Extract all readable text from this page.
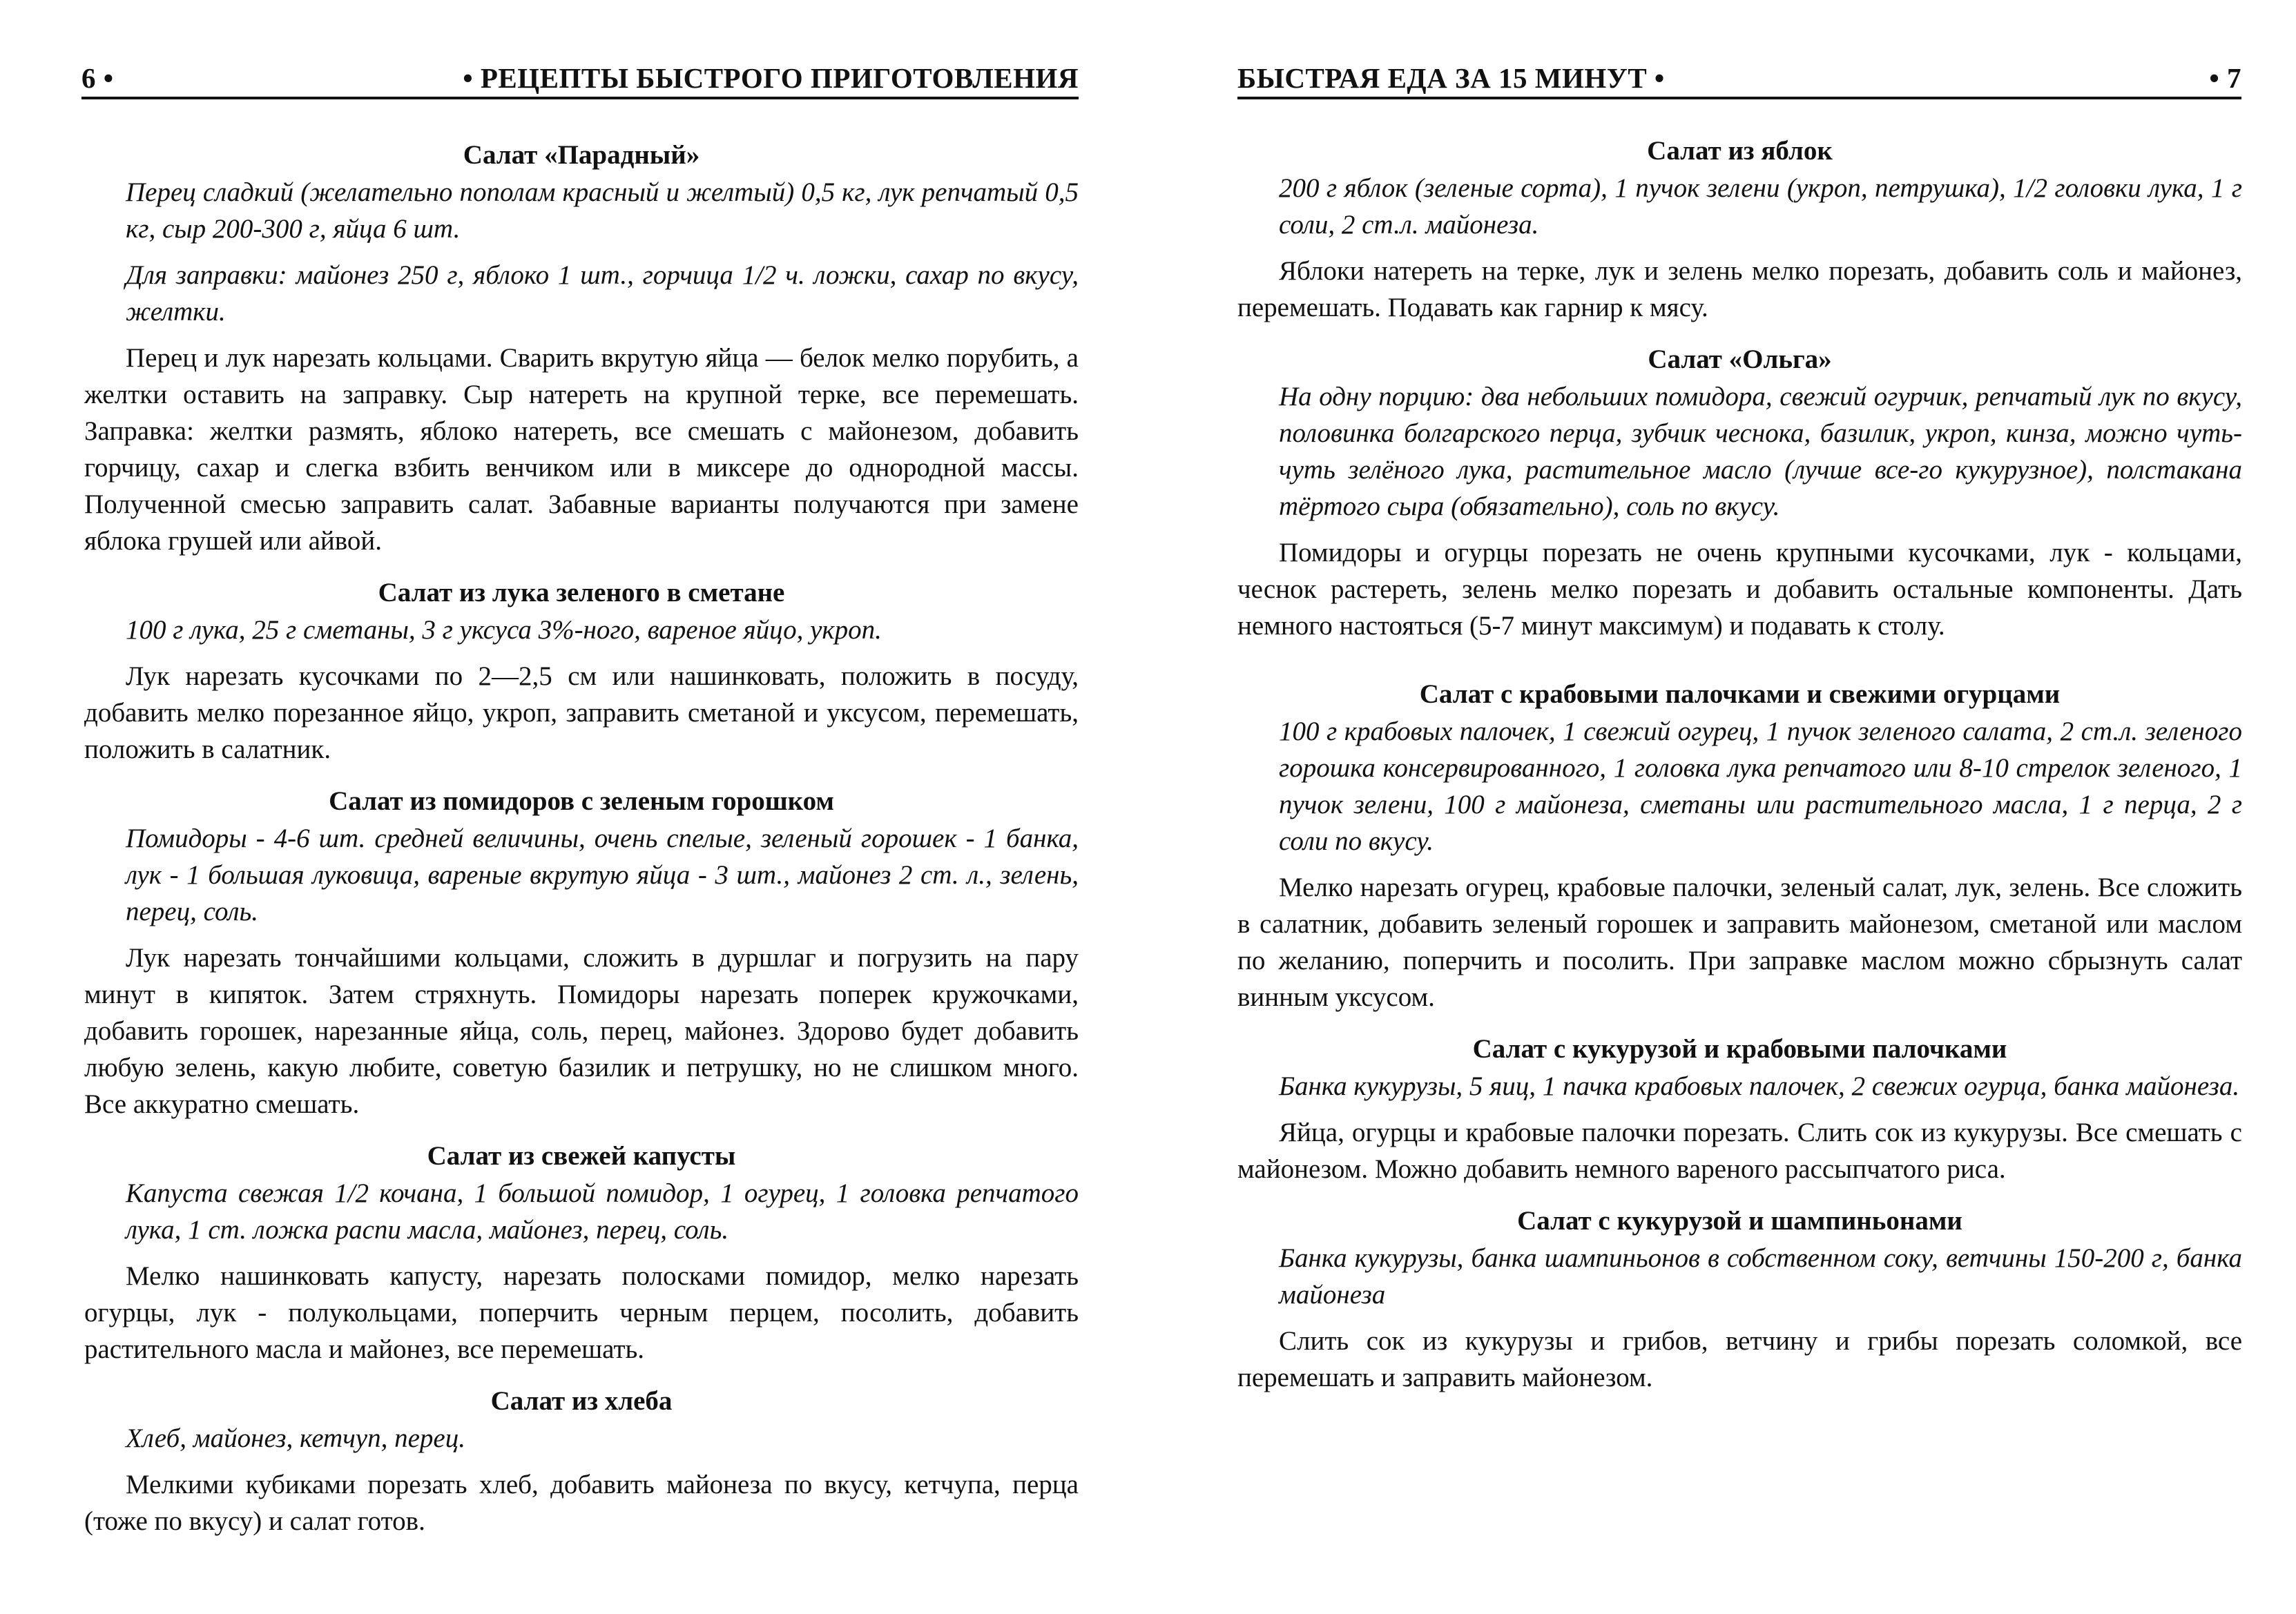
6 •	• РЕЦЕПТЫ БЫСТРОГО ПРИГОТОВЛЕНИЯ
Салат «Парадный»

Перец сладкий (желательно пополам красный и желтый) 0,5 кг, лук репчатый 0,5 кг, сыр 200-300 г, яйца 6 шт.

Для заправки: майонез 250 г, яблоко 1 шт., горчица 1/2 ч. ложки, сахар по вкусу, желтки.

Перец и лук нарезать кольцами. Сварить вкрутую яйца — белок мелко порубить, а желтки оставить на заправку. Сыр натереть на крупной терке, все перемешать. Заправка: желтки размять, яблоко натереть, все смешать с майонезом, добавить горчицу, сахар и слегка взбить венчиком или в миксере до однородной массы. Полученной смесью заправить салат. Забавные варианты получаются при замене яблока грушей или айвой.

Салат из лука зеленого в сметане

100 г лука, 25 г сметаны, 3 г уксуса 3%-ного, вареное яйцо, укроп.

Лук нарезать кусочками по 2—2,5 см или нашинковать, положить в посуду, добавить мелко порезанное яйцо, укроп, заправить сметаной и уксусом, перемешать, положить в салатник.

Салат из помидоров с зеленым горошком

Помидоры - 4-6 шт. средней величины, очень спелые, зеленый горошек - 1 банка, лук - 1 большая луковица, вареные вкрутую яйца - 3 шт., майонез 2 ст. л., зелень, перец, соль.

Лук нарезать тончайшими кольцами, сложить в дуршлаг и погрузить на пару минут в кипяток. Затем стряхнуть. Помидоры нарезать поперек кружочками, добавить горошек, нарезанные яйца, соль, перец, майонез. Здорово будет добавить любую зелень, какую любите, советую базилик и петрушку, но не слишком много. Все аккуратно смешать.

Салат из свежей капусты

Капуста свежая 1/2 кочана, 1 большой помидор, 1 огурец, 1 головка репчатого лука, 1 ст. ложка распи масла, майонез, перец, соль.

Мелко нашинковать капусту, нарезать полосками помидор, мелко нарезать огурцы, лук - полукольцами, поперчить черным перцем, посолить, добавить растительного масла и майонез, все перемешать.

Салат из хлеба

Хлеб, майонез, кетчуп, перец.

Мелкими кубиками порезать хлеб, добавить майонеза по вкусу, кетчупа, перца (тоже по вкусу) и салат готов.

БЫСТРАЯ ЕДА ЗА 15 МИНУТ •	• 7
Салат из яблок

200 г яблок (зеленые сорта), 1 пучок зелени (укроп, петрушка), 1/2 головки лука, 1 г соли, 2 ст.л. майонеза.

Яблоки натереть на терке, лук и зелень мелко порезать, добавить соль и майонез, перемешать. Подавать как гарнир к мясу.

Салат «Ольга»

На одну порцию: два небольших помидора, свежий огурчик, репчатый лук по вкусу, половинка болгарского перца, зубчик чеснока, базилик, укроп, кинза, можно чуть-чуть зелёного лука, растительное масло (лучше все-го кукурузное), полстакана тёртого сыра (обязательно), соль по вкусу.

Помидоры и огурцы порезать не очень крупными кусочками, лук - кольцами, чеснок растереть, зелень мелко порезать и добавить остальные компоненты. Дать немного настояться (5-7 минут максимум) и подавать к столу.

Салат с крабовыми палочками и свежими огурцами

100 г крабовых палочек, 1 свежий огурец, 1 пучок зеленого салата, 2 ст.л. зеленого горошка консервированного, 1 головка лука репчатого или 8-10 стрелок зеленого, 1 пучок зелени, 100 г майонеза, сметаны или растительного масла, 1 г перца, 2 г соли по вкусу.

Мелко нарезать огурец, крабовые палочки, зеленый салат, лук, зелень. Все сложить в салатник, добавить зеленый горошек и заправить майонезом, сметаной или маслом по желанию, поперчить и посолить. При заправке маслом можно сбрызнуть салат винным уксусом.

Салат с кукурузой и крабовыми палочками

Банка кукурузы, 5 яиц, 1 пачка крабовых палочек, 2 свежих огурца, банка майонеза.

Яйца, огурцы и крабовые палочки порезать. Слить сок из кукурузы. Все смешать с майонезом. Можно добавить немного вареного рассыпчатого риса.

Салат с кукурузой и шампиньонами

Банка кукурузы, банка шампиньонов в собственном соку, ветчины 150-200 г, банка майонеза

Слить сок из кукурузы и грибов, ветчину и грибы порезать соломкой, все перемешать и заправить майонезом.
